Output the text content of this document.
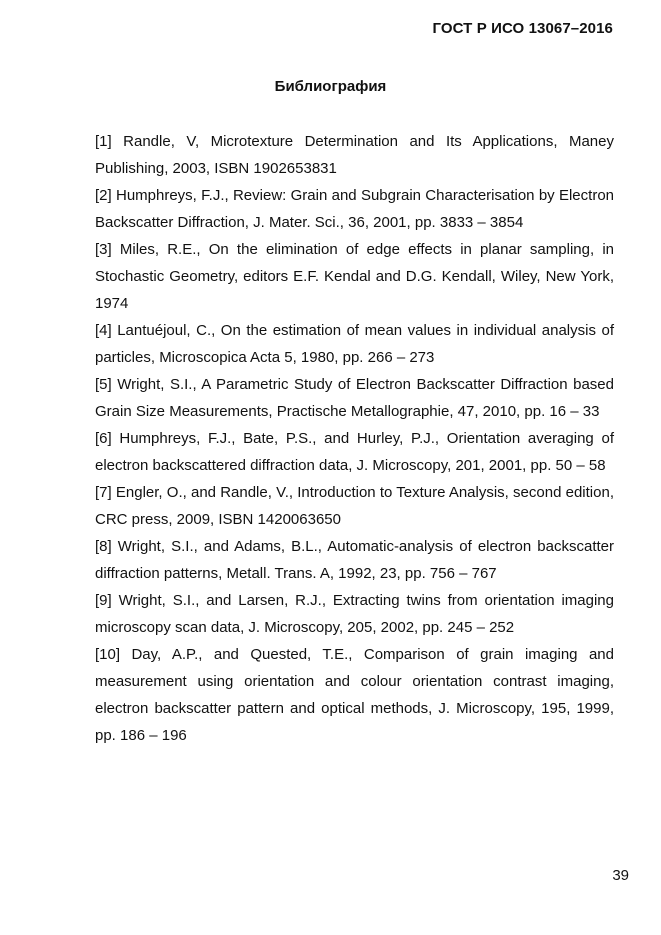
ГОСТ Р ИСО 13067–2016
Библиография
[1] Randle, V, Microtexture Determination and Its Applications, Maney Publishing, 2003, ISBN 1902653831
[2] Humphreys, F.J., Review: Grain and Subgrain Characterisation by Electron Backscatter Diffraction, J. Mater. Sci., 36, 2001, pp. 3833 – 3854
[3] Miles, R.E., On the elimination of edge effects in planar sampling, in Stochastic Geometry, editors E.F. Kendal and D.G. Kendall, Wiley, New York, 1974
[4] Lantuéjoul, C., On the estimation of mean values in individual analysis of particles, Microscopica Acta 5, 1980, pp. 266 – 273
[5] Wright, S.I., A Parametric Study of Electron Backscatter Diffraction based Grain Size Measurements, Practische Metallographie, 47, 2010, pp. 16 – 33
[6] Humphreys, F.J., Bate, P.S., and Hurley, P.J., Orientation averaging of electron backscattered diffraction data, J. Microscopy, 201, 2001, pp. 50 – 58
[7] Engler, O., and Randle, V., Introduction to Texture Analysis, second edition, CRC press, 2009, ISBN 1420063650
[8] Wright, S.I., and Adams, B.L., Automatic-analysis of electron backscatter diffraction patterns, Metall. Trans. A, 1992, 23, pp. 756 – 767
[9] Wright, S.I., and Larsen, R.J., Extracting twins from orientation imaging microscopy scan data, J. Microscopy, 205, 2002, pp. 245 – 252
[10] Day, A.P., and Quested, T.E., Comparison of grain imaging and measurement using orientation and colour orientation contrast imaging, electron backscatter pattern and optical methods, J. Microscopy, 195, 1999, pp. 186 – 196
39
